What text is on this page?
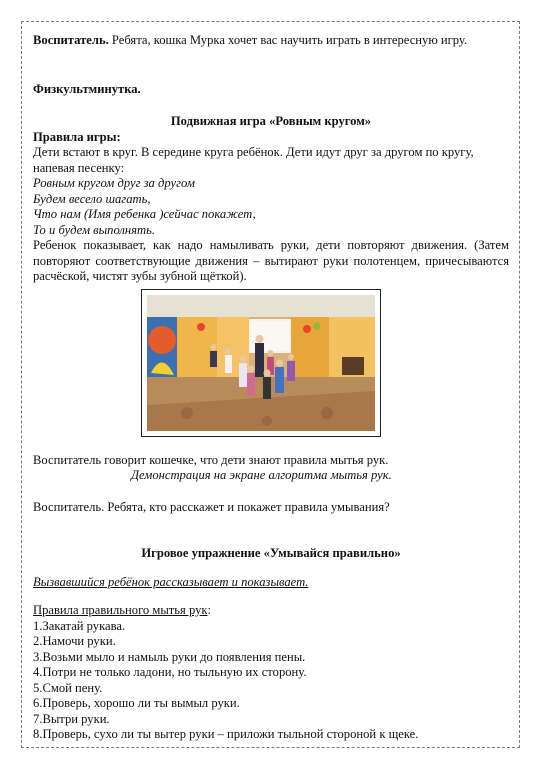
Воспитатель. Ребята, кошка Мурка хочет вас научить играть в интересную игру.

Физкультминутка.

Подвижная игра «Ровным кругом»

Правила игры:

Дети встают в круг. В середине круга ребёнок. Дети идут друг за другом по кругу, напевая песенку:

Ровным кругом друг за другом

Будем весело шагать,

Что нам (Имя ребенка )сейчас покажет,

То и будем выполнять.

Ребенок показывает, как надо намыливать руки, дети повторяют движения. (Затем повторяют соответствующие движения – вытирают руки полотенцем, причесываются расчёской, чистят зубы зубной щёткой).

Воспитатель говорит кошечке, что дети знают правила мытья рук.

Демонстрация на экране алгоритма мытья рук.

Воспитатель. Ребята, кто расскажет и покажет правила умывания?

Игровое упражнение «Умывайся правильно»

Вызвавшийся ребёнок рассказывает и показывает.

Правила правильного мытья рук:

1.Закатай рукава.

2.Намочи руки.

3.Возьми мыло и намыль руки до появления пены.

4.Потри не только ладони, но тыльную их сторону.

5.Смой пену.

6.Проверь, хорошо ли ты вымыл руки.

7.Вытри руки.

8.Проверь, сухо ли ты вытер руки – приложи тыльной стороной к щеке.
